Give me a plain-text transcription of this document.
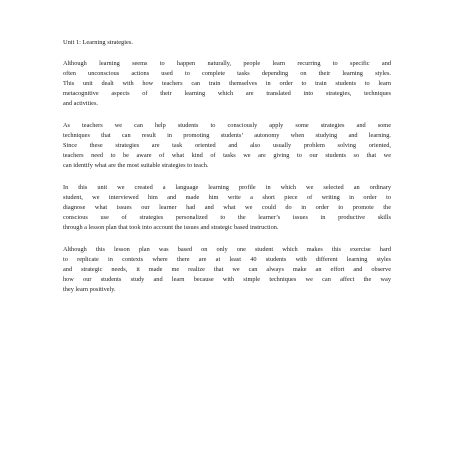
Unit 1: Learning strategies.
Although learning seems to happen naturally, people learn recurring to specific and
often unconscious actions used to complete tasks depending on their learning styles.
This unit dealt with how teachers can train themselves in order to train students to learn
metacognitive aspects of their learning which are translated into strategies, techniques
and activities.
As teachers we can help students to consciously apply some strategies and some
techniques that can result in promoting students’ autonomy when studying and learning.
Since these strategies are task oriented and also usually problem solving oriented,
teachers need to be aware of what kind of tasks we are giving to our students so that we
can identify what are the most suitable strategies to teach.
In this unit we created a language learning profile in which we selected an ordinary
student, we interviewed him and made him write a short piece of writing in order to
diagnose what issues our learner had and what we could do in order to promote the
conscious use of strategies personalized to the learner’s issues in productive skills
through a lesson plan that took into account the issues and strategic based instruction.
Although this lesson plan was based on only one student which makes this exercise hard
to replicate in contexts where there are at least 40 students with different learning styles
and strategic needs, it made me realize that we can always make an effort and observe
how our students study and learn because with simple techniques we can affect the way
they learn positively.
